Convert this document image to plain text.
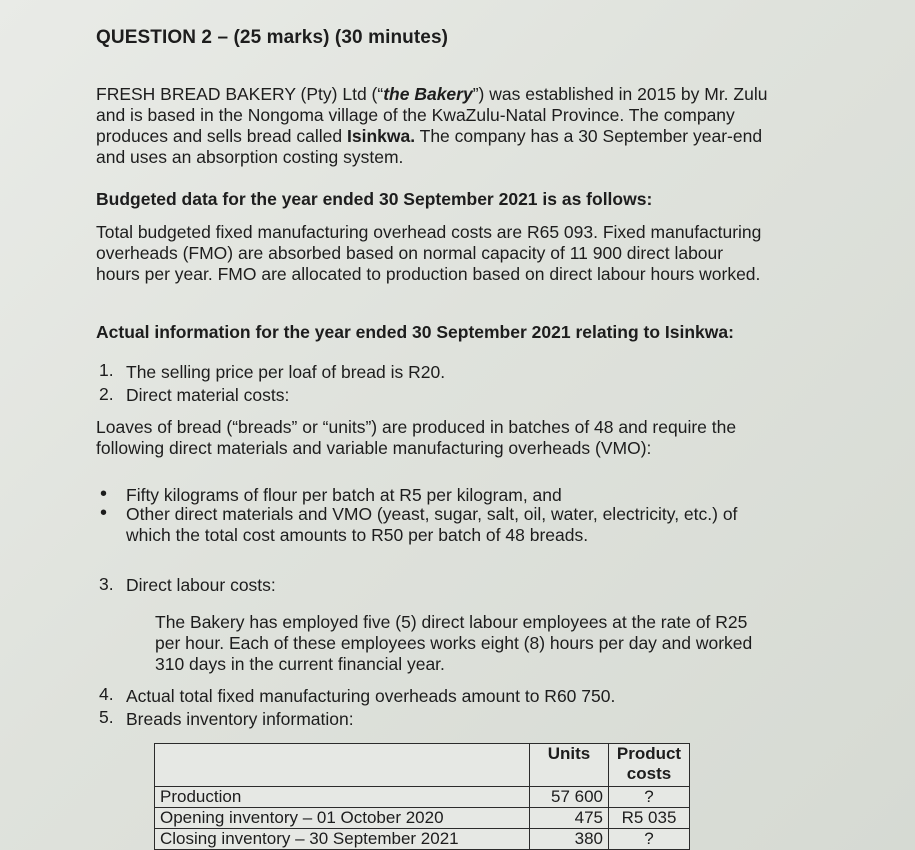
QUESTION 2 – (25 marks) (30 minutes)
FRESH BREAD BAKERY (Pty) Ltd (“the Bakery”) was established in 2015 by Mr. Zulu
and is based in the Nongoma village of the KwaZulu-Natal Province. The company
produces and sells bread called Isinkwa. The company has a 30 September year-end
and uses an absorption costing system.
Budgeted data for the year ended 30 September 2021 is as follows:
Total budgeted fixed manufacturing overhead costs are R65 093. Fixed manufacturing
overheads (FMO) are absorbed based on normal capacity of 11 900 direct labour
hours per year. FMO are allocated to production based on direct labour hours worked.
Actual information for the year ended 30 September 2021 relating to Isinkwa:
1. The selling price per loaf of bread is R20.
2. Direct material costs:
Loaves of bread (“breads” or “units”) are produced in batches of 48 and require the
following direct materials and variable manufacturing overheads (VMO):
• Fifty kilograms of flour per batch at R5 per kilogram, and
• Other direct materials and VMO (yeast, sugar, salt, oil, water, electricity, etc.) of
which the total cost amounts to R50 per batch of 48 breads.
3. Direct labour costs:
The Bakery has employed five (5) direct labour employees at the rate of R25
per hour. Each of these employees works eight (8) hours per day and worked
310 days in the current financial year.
4. Actual total fixed manufacturing overheads amount to R60 750.
5. Breads inventory information:
	Units	Product
costs

Production	57 600	?
Opening inventory – 01 October 2020	475	R5 035
Closing inventory – 30 September 2021	380	?
